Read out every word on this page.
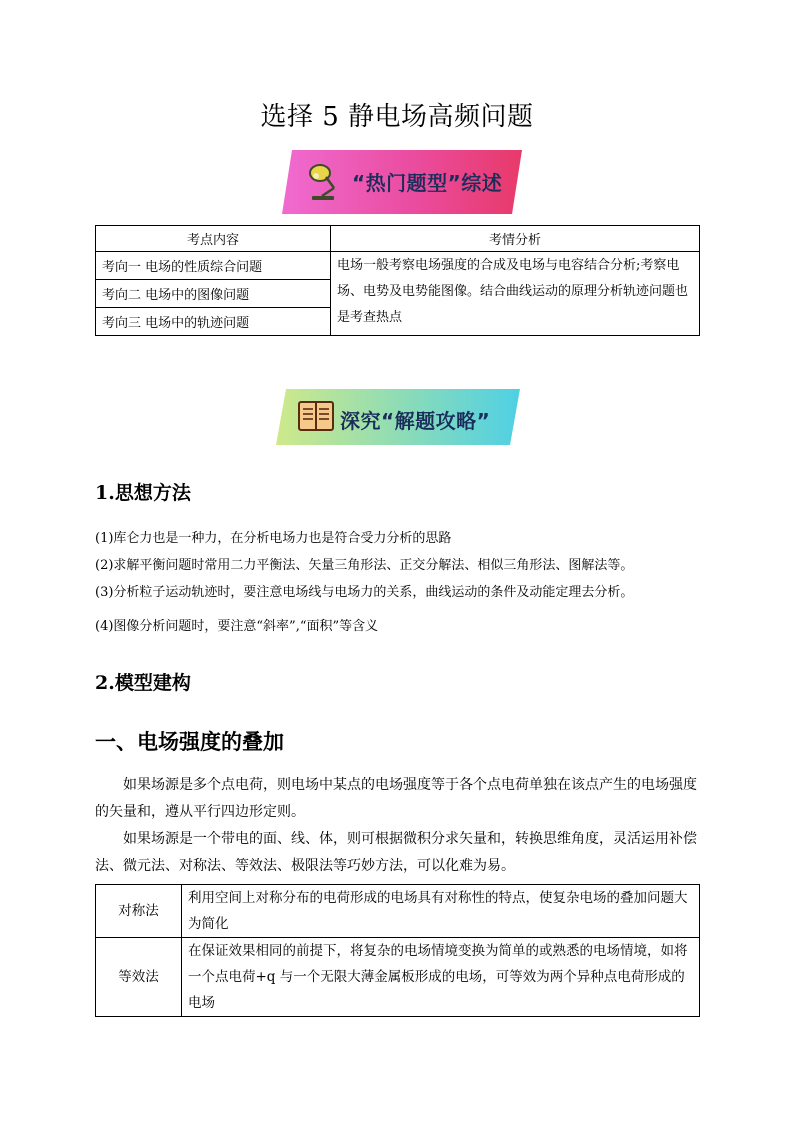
选择 5 静电场高频问题
“热门题型”综述
考点内容	考情分析
考向一 电场的性质综合问题	电场一般考察电场强度的合成及电场与电容结合分析;考察电场、电势及电势能图像。结合曲线运动的原理分析轨迹问题也是考查热点
考向二 电场中的图像问题	
考向三 电场中的轨迹问题	
深究“解题攻略”
1.思想方法
(1)库仑力也是一种力，在分析电场力也是符合受力分析的思路
(2)求解平衡问题时常用二力平衡法、矢量三角形法、正交分解法、相似三角形法、图解法等。
(3)分析粒子运动轨迹时，要注意电场线与电场力的关系，曲线运动的条件及动能定理去分析。
(4)图像分析问题时，要注意“斜率”,“面积”等含义
2.模型建构
一、电场强度的叠加
如果场源是多个点电荷，则电场中某点的电场强度等于各个点电荷单独在该点产生的电场强度的矢量和，遵从平行四边形定则。
如果场源是一个带电的面、线、体，则可根据微积分求矢量和，转换思维角度，灵活运用补偿法、微元法、对称法、等效法、极限法等巧妙方法，可以化难为易。
对称法	利用空间上对称分布的电荷形成的电场具有对称性的特点，使复杂电场的叠加问题大为简化
等效法	在保证效果相同的前提下，将复杂的电场情境变换为简单的或熟悉的电场情境，如将一个点电荷+q 与一个无限大薄金属板形成的电场，可等效为两个异种点电荷形成的电场
